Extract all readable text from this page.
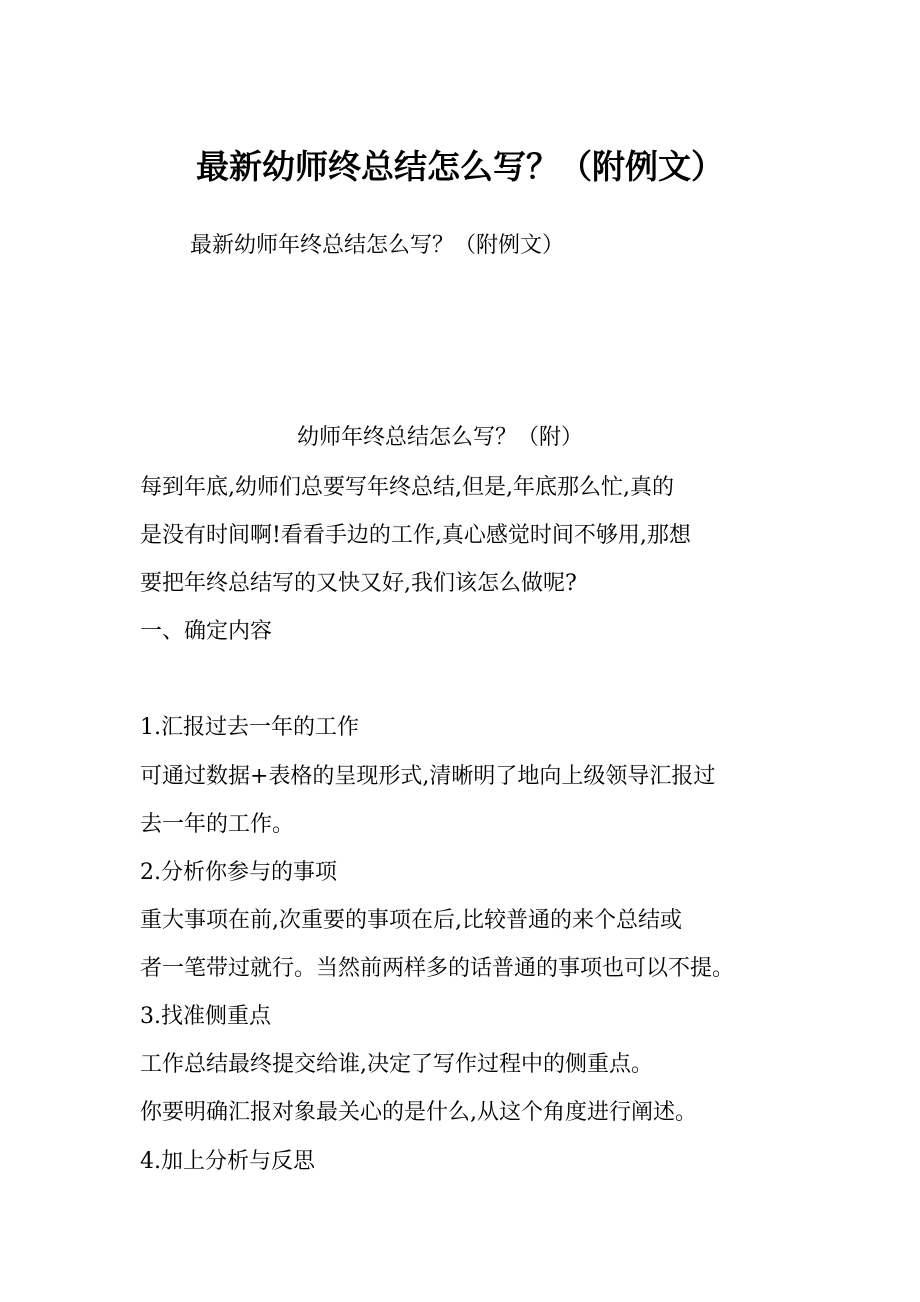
最新幼师终总结怎么写？（附例文）

最新幼师年终总结怎么写？（附例文）

幼师年终总结怎么写？（附）

每到年底,幼师们总要写年终总结,但是,年底那么忙,真的

是没有时间啊!看看手边的工作,真心感觉时间不够用,那想

要把年终总结写的又快又好,我们该怎么做呢?

一、确定内容

1.汇报过去一年的工作

可通过数据+表格的呈现形式,清晰明了地向上级领导汇报过

去一年的工作。

2.分析你参与的事项

重大事项在前,次重要的事项在后,比较普通的来个总结或

者一笔带过就行。当然前两样多的话普通的事项也可以不提。

3.找准侧重点

工作总结最终提交给谁,决定了写作过程中的侧重点。

你要明确汇报对象最关心的是什么,从这个角度进行阐述。

4.加上分析与反思
